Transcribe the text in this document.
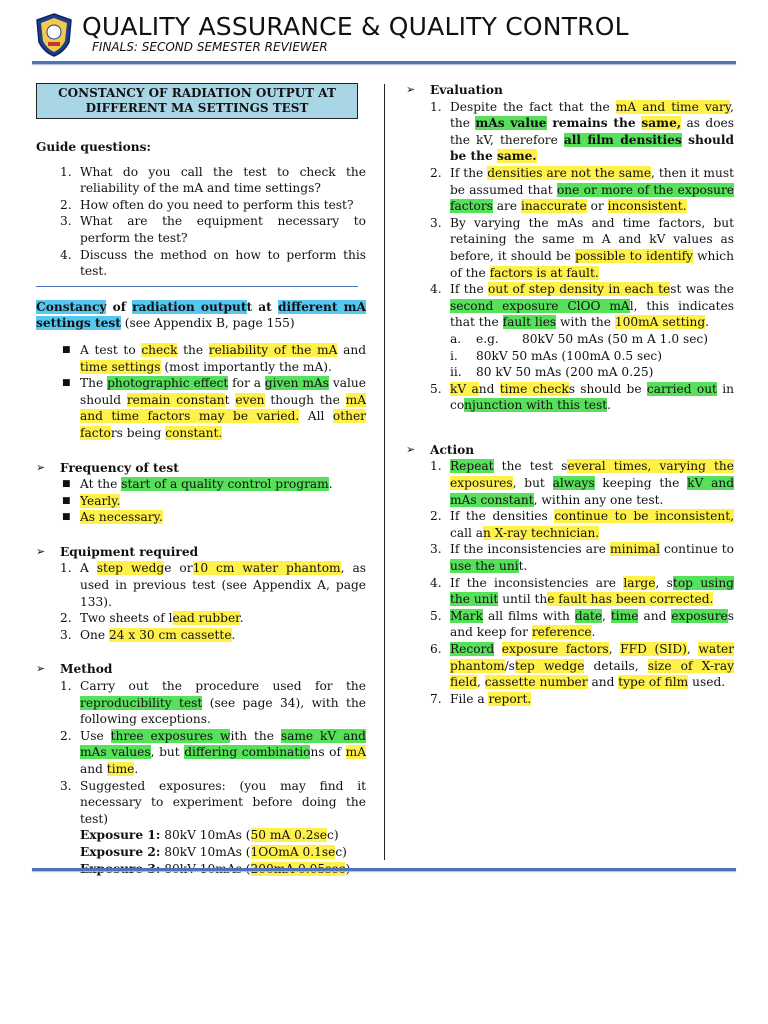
QUALITY ASSURANCE & QUALITY CONTROL
FINALS: SECOND SEMESTER REVIEWER
CONSTANCY OF RADIATION OUTPUT AT
DIFFERENT MA SETTINGS TEST
Guide questions:
1. What do you call the test to check the reliability of the mA and time settings?
2. How often do you need to perform this test?
3. What are the equipment necessary to perform the test?
4. Discuss the method on how to perform this test.
Constancy of radiation outputt at different mA settings test (see Appendix B, page 155)
■ A test to check the reliability of the mA and time settings (most importantly the mA).
■ The photographic effect for a given mAs value should remain constant even though the mA and time factors may be varied. All other factors being constant.
➢ Frequency of test
■ At the start of a quality control program.
■ Yearly.
■ As necessary.
➢ Equipment required
1. A step wedge or10 cm water phantom, as used in previous test (see Appendix A, page 133).
2. Two sheets of lead rubber.
3. One 24 x 30 cm cassette.
➢ Method
1. Carry out the procedure used for the reproducibility test (see page 34), with the following exceptions.
2. Use three exposures with the same kV and mAs values, but differing combinations of mA and time.
3. Suggested exposures: (you may find it necessary to experiment before doing the test)
Exposure 1: 80kV 10mAs (50 mA 0.2sec)
Exposure 2: 80kV 10mAs (1OOmA 0.1sec)
➢ Evaluation
1. Despite the fact that the mA and time vary, the mAs value remains the same, as does the kV, therefore all film densities should be the same.
2. If the densities are not the same, then it must be assumed that one or more of the exposure factors are inaccurate or inconsistent.
3. By varying the mAs and time factors, but retaining the same m A and kV values as before, it should be possible to identify which of the factors is at fault.
4. If the out of step density in each test was the second exposure ClOO mAl, this indicates that the fault lies with the 100mA setting.
a. e.g.      80kV 50 mAs (50 m A 1.0 sec)
i. 80kV 50 mAs (100mA 0.5 sec)
ii. 80 kV 50 mAs (200 mA 0.25)
5. kV and time checks should be carried out in conjunction with this test.
➢ Action
1. Repeat the test several times, varying the exposures, but always keeping the kV and mAs constant, within any one test.
2. If the densities continue to be inconsistent, call an X-ray technician.
3. If the inconsistencies are minimal continue to use the unit.
4. If the inconsistencies are large, stop using the unit until the fault has been corrected.
5. Mark all films with date, time and exposures and keep for reference.
6. Record exposure factors, FFD (SID), water phantom/step wedge details, size of X-ray field, cassette number and type of film used.
7. File a report.
